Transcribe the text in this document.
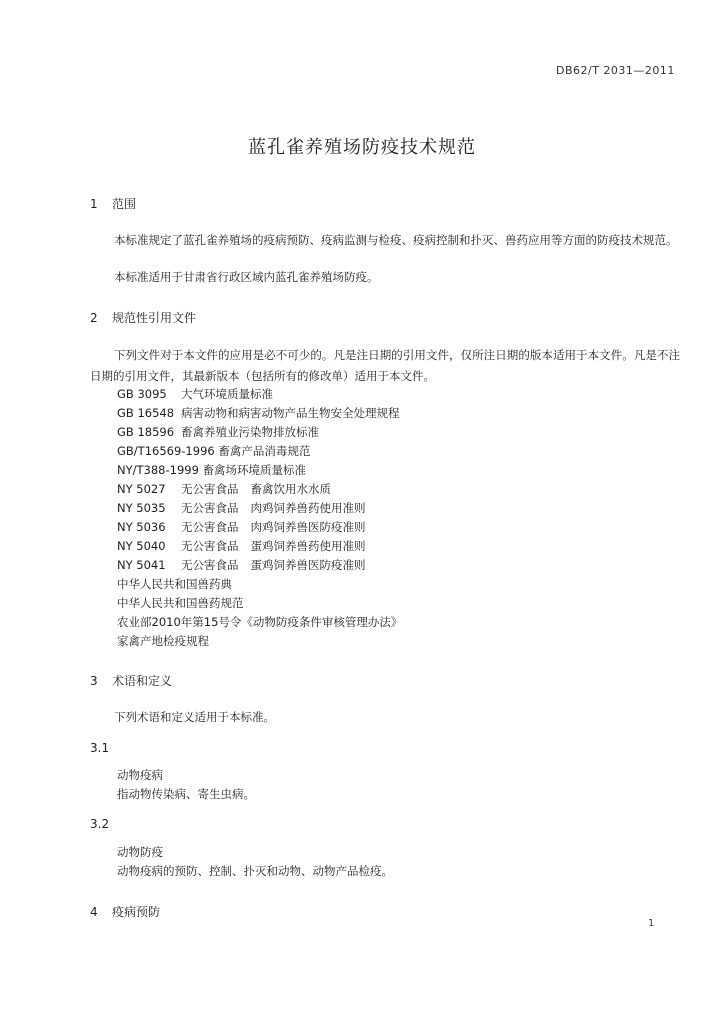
DB62/T 2031—2011
蓝孔雀养殖场防疫技术规范
1 范围
本标准规定了蓝孔雀养殖场的疫病预防、疫病监测与检疫、疫病控制和扑灭、兽药应用等方面的防疫技术规范。
本标准适用于甘肃省行政区域内蓝孔雀养殖场防疫。
2 规范性引用文件
下列文件对于本文件的应用是必不可少的。凡是注日期的引用文件，仅所注日期的版本适用于本文件。凡是不注日期的引用文件，其最新版本（包括所有的修改单）适用于本文件。
GB 3095 大气环境质量标准
GB 16548 病害动物和病害动物产品生物安全处理规程
GB 18596 畜禽养殖业污染物排放标准
GB/T16569-1996 畜禽产品消毒规范
NY/T388-1999 畜禽场环境质量标准
NY 5027 无公害食品 畜禽饮用水水质
NY 5035 无公害食品 肉鸡饲养兽药使用准则
NY 5036 无公害食品 肉鸡饲养兽医防疫准则
NY 5040 无公害食品 蛋鸡饲养兽药使用准则
NY 5041 无公害食品 蛋鸡饲养兽医防疫准则
中华人民共和国兽药典
中华人民共和国兽药规范
农业部2010年第15号令《动物防疫条件审核管理办法》
家禽产地检疫规程
3 术语和定义
下列术语和定义适用于本标准。
3.1
动物疫病
指动物传染病、寄生虫病。
3.2
动物防疫
动物疫病的预防、控制、扑灭和动物、动物产品检疫。
4 疫病预防
1
